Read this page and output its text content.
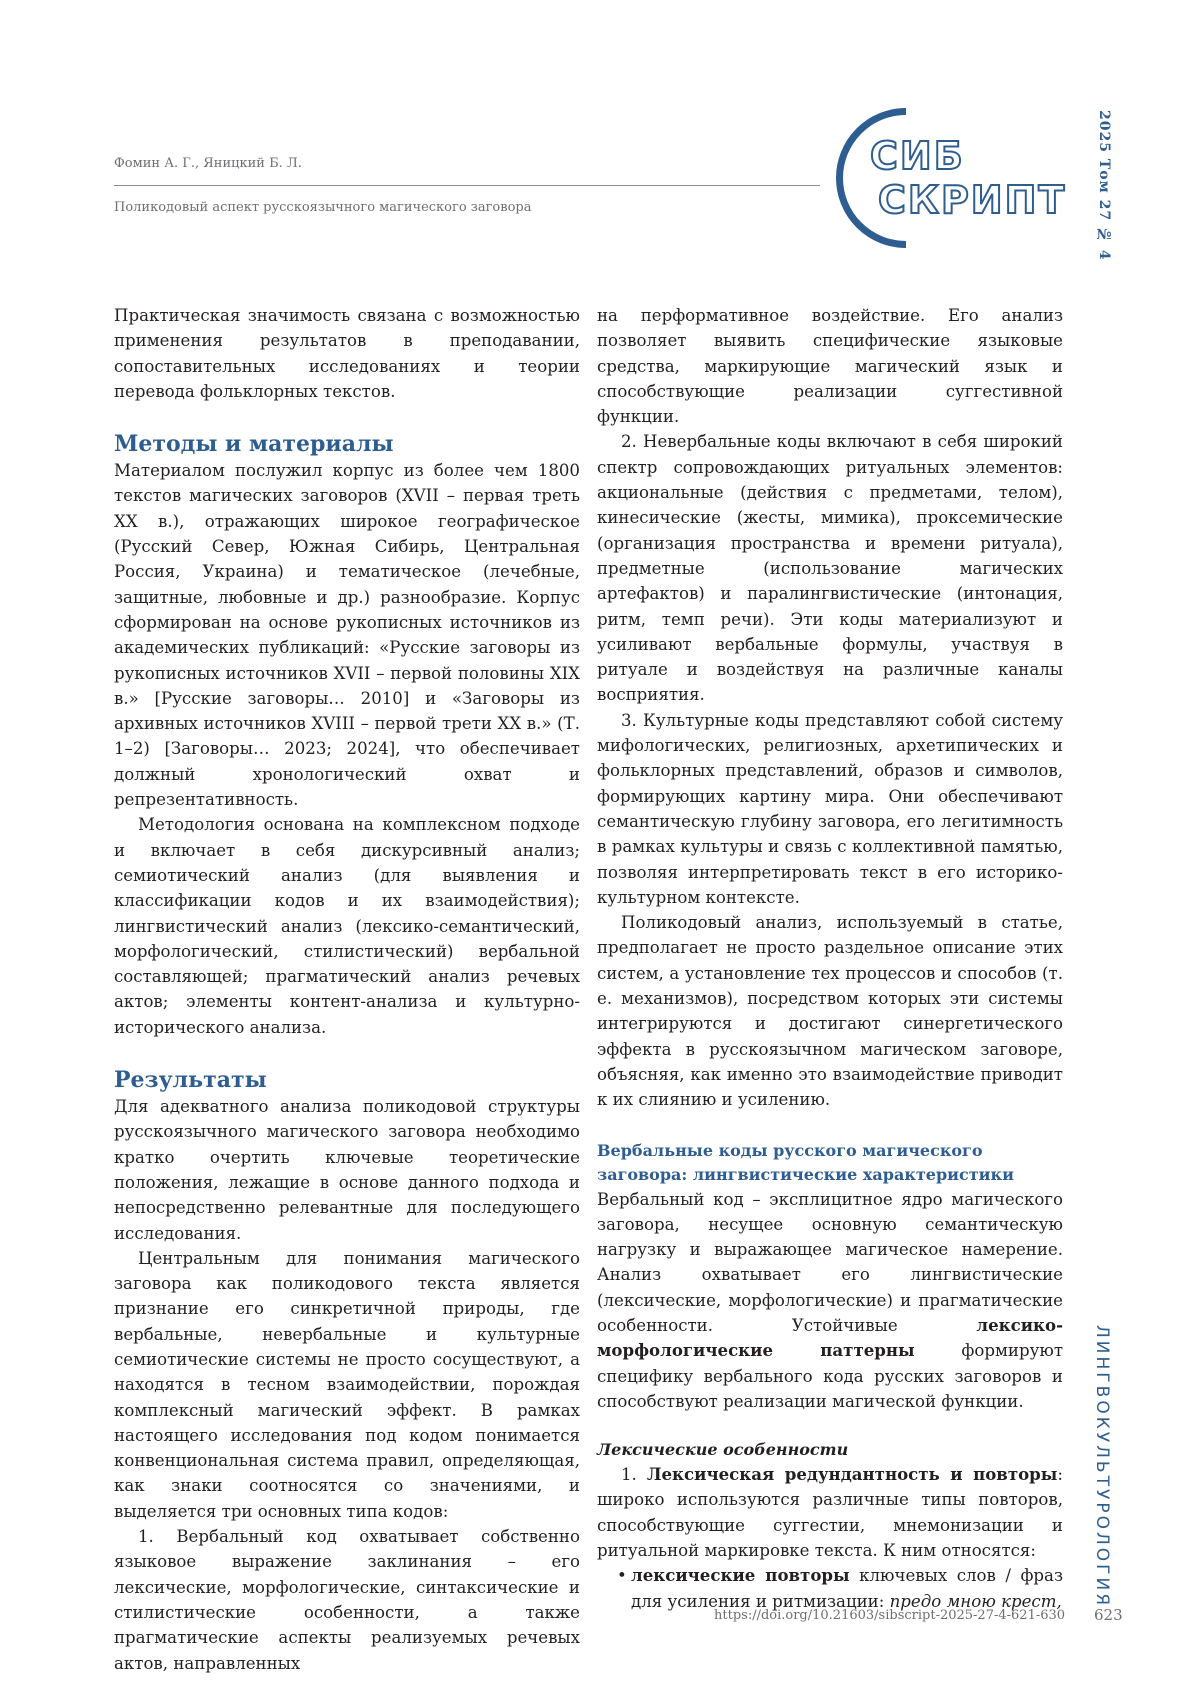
Фомин А. Г., Яницкий Б. Л.
Поликодовый аспект русскоязычного магического заговора
СИБ
СКРИПТ 2025 Том 27 № 4
ЛИНГВОКУЛЬТУРОЛОГИЯ

Практическая значимость связана с возможностью применения результатов в преподавании, сопоставительных исследованиях и теории перевода фольклорных текстов.

Методы и материалы

Материалом послужил корпус из более чем 1800 текстов магических заговоров (XVII – первая треть XX в.), отражающих широкое географическое (Русский Север, Южная Сибирь, Центральная Россия, Украина) и тематическое (лечебные, защитные, любовные и др.) разнообразие. Корпус сформирован на основе рукописных источников из академических публикаций: «Русские заговоры из рукописных источников XVII – первой половины XIX в.» [Русские заговоры… 2010] и «Заговоры из архивных источников XVIII – первой трети XX в.» (Т. 1–2) [Заговоры… 2023; 2024], что обеспечивает должный хронологический охват и репрезентативность.

Методология основана на комплексном подходе и включает в себя дискурсивный анализ; семиотический анализ (для выявления и классификации кодов и их взаимодействия); лингвистический анализ (лексико-семантический, морфологический, стилистический) вербальной составляющей; прагматический анализ речевых актов; элементы контент-анализа и культурно-исторического анализа.

Результаты

Для адекватного анализа поликодовой структуры русскоязычного магического заговора необходимо кратко очертить ключевые теоретические положения, лежащие в основе данного подхода и непосредственно релевантные для последующего исследования.

Центральным для понимания магического заговора как поликодового текста является признание его синкретичной природы, где вербальные, невербальные и культурные семиотические системы не просто сосуществуют, а находятся в тесном взаимодействии, порождая комплексный магический эффект. В рамках настоящего исследования под кодом понимается конвенциональная система правил, определяющая, как знаки соотносятся со значениями, и выделяется три основных типа кодов:

1. Вербальный код охватывает собственно языковое выражение заклинания – его лексические, морфологические, синтаксические и стилистические особенности, а также прагматические аспекты реализуемых речевых актов, направленных

на перформативное воздействие. Его анализ позволяет выявить специфические языковые средства, маркирующие магический язык и способствующие реализации суггестивной функции.

2. Невербальные коды включают в себя широкий спектр сопровождающих ритуальных элементов: акциональные (действия с предметами, телом), кинесические (жесты, мимика), проксемические (организация пространства и времени ритуала), предметные (использование магических артефактов) и паралингвистические (интонация, ритм, темп речи). Эти коды материализуют и усиливают вербальные формулы, участвуя в ритуале и воздействуя на различные каналы восприятия.

3. Культурные коды представляют собой систему мифологических, религиозных, архетипических и фольклорных представлений, образов и символов, формирующих картину мира. Они обеспечивают семантическую глубину заговора, его легитимность в рамках культуры и связь с коллективной памятью, позволяя интерпретировать текст в его историко-культурном контексте.

Поликодовый анализ, используемый в статье, предполагает не просто раздельное описание этих систем, а установление тех процессов и способов (т. е. механизмов), посредством которых эти системы интегрируются и достигают синергетического эффекта в русскоязычном магическом заговоре, объясняя, как именно это взаимодействие приводит к их слиянию и усилению.

Вербальные коды русского магического заговора: лингвистические характеристики

Вербальный код – эксплицитное ядро магического заговора, несущее основную семантическую нагрузку и выражающее магическое намерение. Анализ охватывает его лингвистические (лексические, морфологические) и прагматические особенности. Устойчивые лексико-морфологические паттерны формируют специфику вербального кода русских заговоров и способствуют реализации магической функции.

Лексические особенности

1. Лексическая редундантность и повторы: широко используются различные типы повторов, способствующие суггестии, мнемонизации и ритуальной маркировке текста. К ним относятся:

• лексические повторы ключевых слов / фраз для усиления и ритмизации: предо мною крест,

https://doi.org/10.21603/sibscript-2025-27-4-621-630 623
